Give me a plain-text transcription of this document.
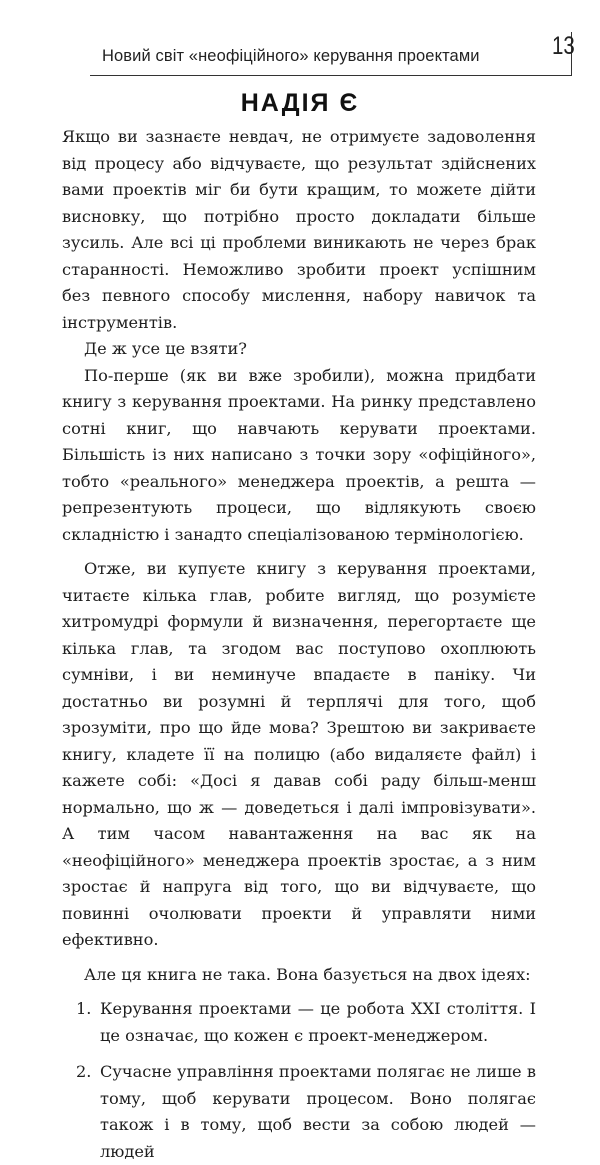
Новий світ «неофіційного» керування проектами	13
НАДІЯ Є

Якщо ви зазнаєте невдач, не отримуєте задоволення від процесу або відчуваєте, що результат здійснених вами проектів міг би бути кращим, то можете дійти висновку, що потрібно просто докладати більше зусиль. Але всі ці проблеми виникають не через брак старанності. Неможливо зробити проект успішним без певного способу мислення, набору навичок та інструментів.

Де ж усе це взяти?

По-перше (як ви вже зробили), можна придбати книгу з керування проектами. На ринку представлено сотні книг, що навчають керувати проектами. Більшість із них написано з точки зору «офіційного», тобто «реального» менеджера проектів, а решта — репрезентують процеси, що відлякують своєю складністю і занадто спеціалізованою термінологією.

Отже, ви купуєте книгу з керування проектами, читаєте кілька глав, робите вигляд, що розумієте хитромудрі формули й визначення, перегортаєте ще кілька глав, та згодом вас поступово охоплюють сумніви, і ви неминуче впадаєте в паніку. Чи достатньо ви розумні й терплячі для того, щоб зрозуміти, про що йде мова? Зрештою ви закриваєте книгу, кладете її на полицю (або видаляєте файл) і кажете собі: «Досі я давав собі раду більш-менш нормально, що ж — доведеться і далі імпровізувати». А тим часом навантаження на вас як на «неофіційного» менеджера проектів зростає, а з ним зростає й напруга від того, що ви відчуваєте, що повинні очолювати проекти й управляти ними ефективно.

Але ця книга не така. Вона базується на двох ідеях:

1. Керування проектами — це робота XXI століття. І це означає, що кожен є проект-менеджером.
2. Сучасне управління проектами полягає не лише в тому, щоб керувати процесом. Воно полягає також і в тому, щоб вести за собою людей — людей
